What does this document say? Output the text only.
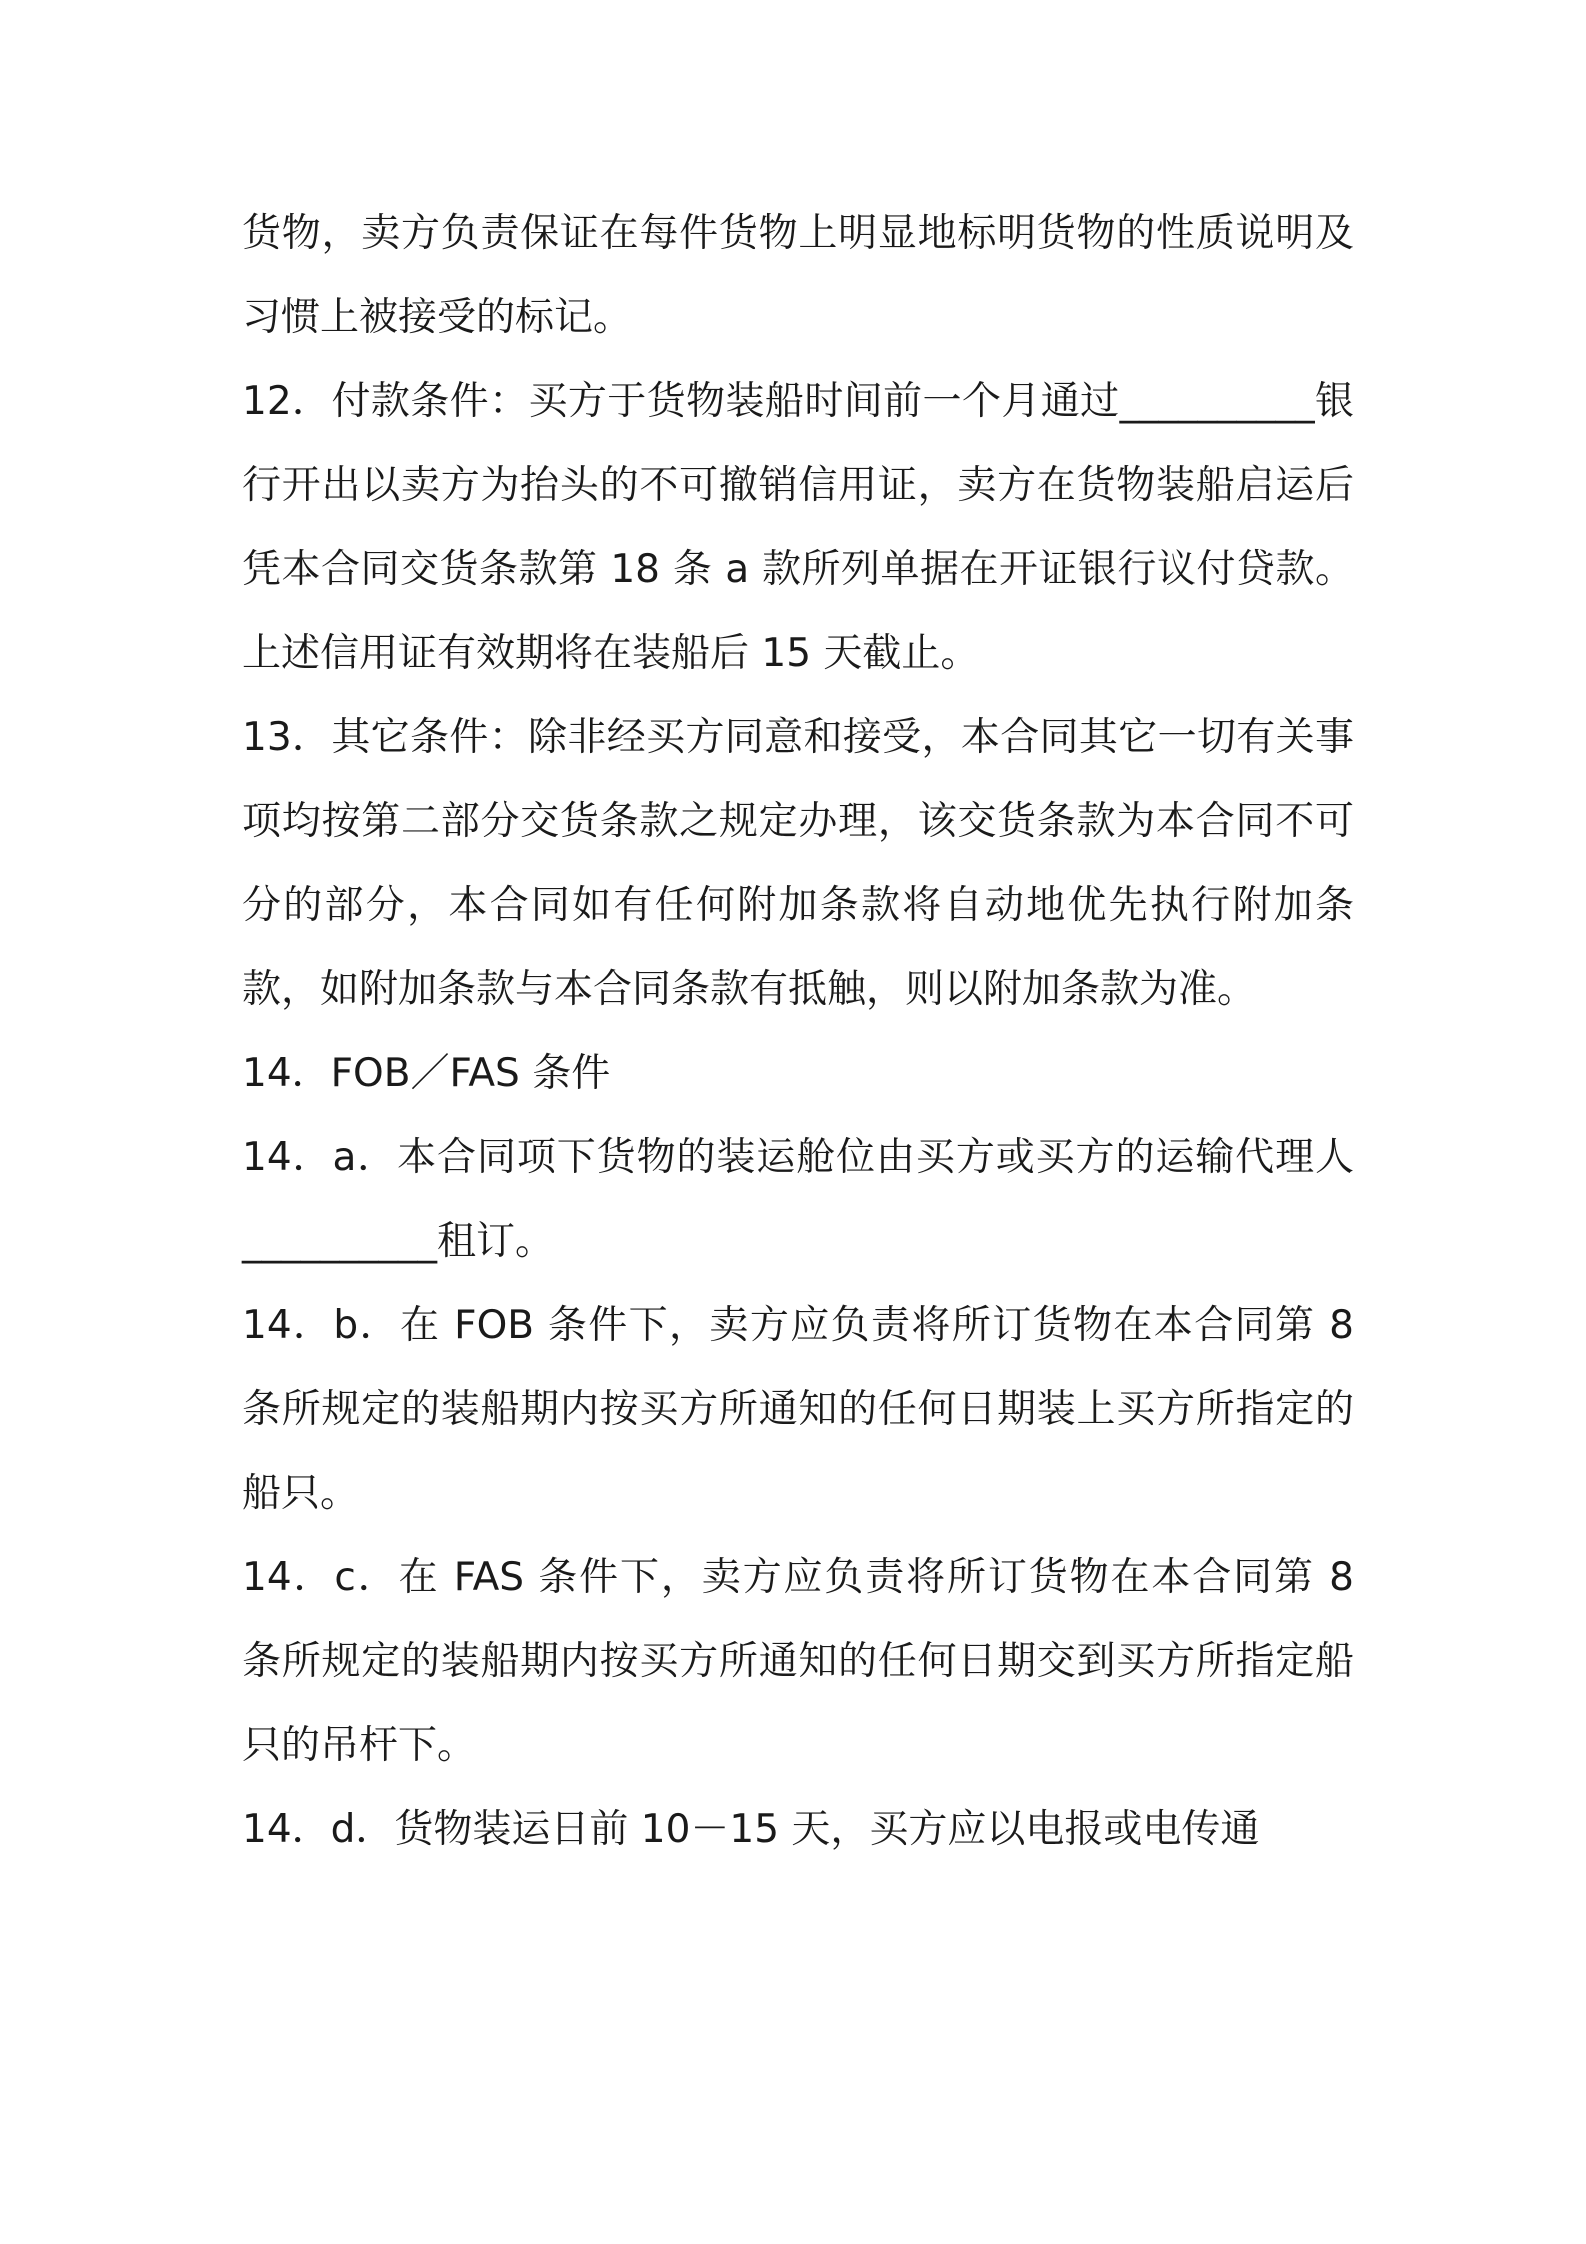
货物，卖方负责保证在每件货物上明显地标明货物的性质说明及习惯上被接受的标记。

12．付款条件：买方于货物装船时间前一个月通过__________银行开出以卖方为抬头的不可撤销信用证，卖方在货物装船启运后凭本合同交货条款第 18 条 a 款所列单据在开证银行议付贷款。上述信用证有效期将在装船后 15 天截止。

13．其它条件：除非经买方同意和接受，本合同其它一切有关事项均按第二部分交货条款之规定办理，该交货条款为本合同不可分的部分，本合同如有任何附加条款将自动地优先执行附加条款，如附加条款与本合同条款有抵触，则以附加条款为准。

14．FOB／FAS 条件

14．a．本合同项下货物的装运舱位由买方或买方的运输代理人__________租订。

14．b．在 FOB 条件下，卖方应负责将所订货物在本合同第 8 条所规定的装船期内按买方所通知的任何日期装上买方所指定的船只。

14．c．在 FAS 条件下，卖方应负责将所订货物在本合同第 8 条所规定的装船期内按买方所通知的任何日期交到买方所指定船只的吊杆下。

14．d．货物装运日前 10－15 天，买方应以电报或电传通
